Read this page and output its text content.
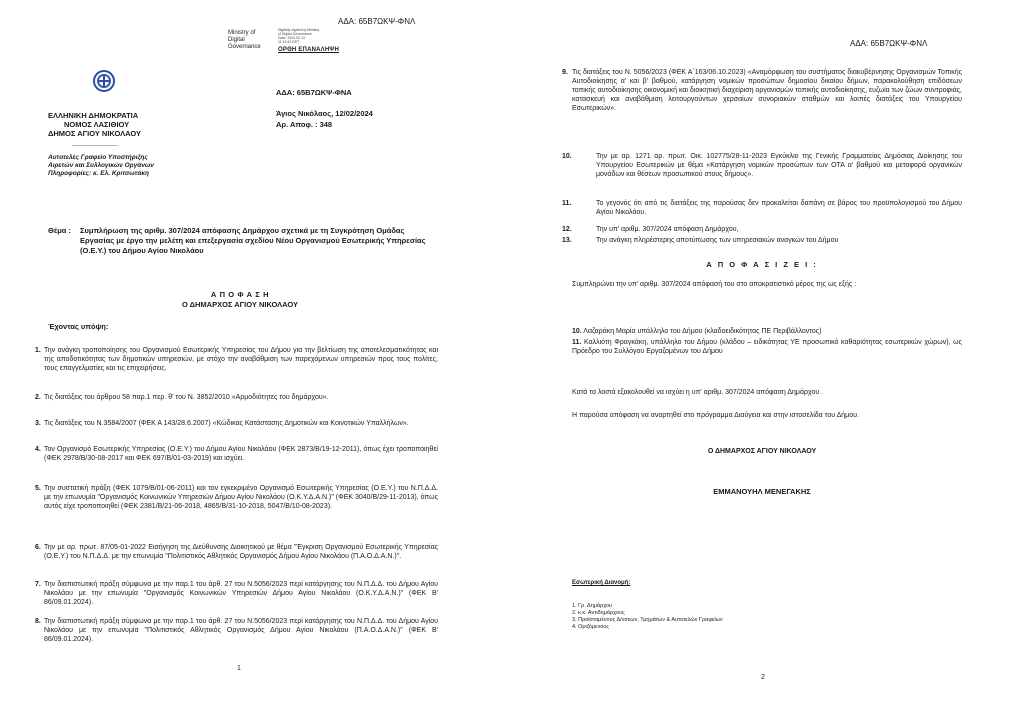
ΑΔΑ: 65Β7ΩΚΨ-ΦΝΛ
Ministry of
Digital
Governance
Digitally signed by Ministry
of Digital Governance
Date: 2024.02.13
11:19:42 EET
ΟΡΘΗ ΕΠΑΝΑΛΗΨΗ
ΕΛΛΗΝΙΚΗ ΔΗΜΟΚΡΑΤΙΑ
ΝΟΜΟΣ ΛΑΣΙΘΙΟΥ
ΔΗΜΟΣ ΑΓΙΟΥ ΝΙΚΟΛΑΟΥ
-----------------------
Αυτοτελές Γραφείο Υποστήριξης
Αιρετών και Συλλογικών Οργάνων
Πληροφορίες: κ. Ελ. Κριτσωτάκη
ΑΔΑ: 65Β7ΩΚΨ-ΦΝΑ
Άγιος Νικόλαος, 12/02/2024
Αρ. Αποφ. : 348
Θέμα : Συμπλήρωση της αριθμ. 307/2024 απόφασης Δημάρχου σχετικά με τη Συγκρότηση Ομάδας Εργασίας με έργο την μελέτη και επεξεργασία σχεδίου Νέου Οργανισμού Εσωτερικής Υπηρεσίας (Ο.Ε.Υ.) του Δήμου Αγίου Νικολάου
Α Π Ο Φ Α Σ Η
Ο ΔΗΜΑΡΧΟΣ ΑΓΙΟΥ ΝΙΚΟΛΑΟΥ
Έχοντας υπόψη:
1. Την ανάγκη τροποποίησης του Οργανισμού Εσωτερικής Υπηρεσίας του Δήμου για την βελτίωση της αποτελεσματικότητας και της αποδοτικότητας των δημοτικών υπηρεσιών, με στόχο την αναβάθμιση των παρεχόμενων υπηρεσιών προς τους πολίτες, τους επαγγελματίες και τις επιχειρήσεις.
2. Τις διατάξεις του άρθρου 58 παρ.1 περ. θ' του Ν. 3852/2010 «Αρμοδιότητες του δημάρχου».
3. Τις διατάξεις του Ν.3584/2007 (ΦΕΚ Α 143/28.6.2007) «Κώδικας Κατάστασης Δημοτικών και Κοινοτικών Υπαλλήλων».
4. Τον Οργανισμό Εσωτερικής Υπηρεσίας (Ο.Ε.Υ.) του Δήμου Αγίου Νικολάου (ΦΕΚ 2873/Β/19-12-2011), όπως έχει τροποποιηθεί (ΦΕΚ 2978/Β/30-08-2017 και ΦΕΚ 697/Β/01-03-2019) και ισχύει.
5. Την συστατική πράξη (ΦΕΚ 1079/Β/01-06-2011) και τον εγκεκριμένο Οργανισμό Εσωτερικής Υπηρεσίας (Ο.Ε.Υ.) του Ν.Π.Δ.Δ. με την επωνυμία "Οργανισμός Κοινωνικών Υπηρεσιών Δήμου Αγίου Νικολάου (Ο.Κ.Υ.Δ.Α.Ν.)" (ΦΕΚ 3040/Β/29-11-2013), όπως αυτός είχε τροποποιηθεί (ΦΕΚ 2381/Β/21-06-2018, 4865/Β/31-10-2018, 5047/Β/10-08-2023).
6. Την με αρ. πρωτ. 87/05-01-2022 Εισήγηση της Διεύθυνσης Διοικητικού με θέμα "Έγκριση Οργανισμού Εσωτερικής Υπηρεσίας (Ο.Ε.Υ.) του Ν.Π.Δ.Δ. με την επωνυμία "Πολιτιστικός Αθλητικός Οργανισμός Δήμου Αγίου Νικολάου (Π.Α.Ο.Δ.Α.Ν.)".
7. Την διαπιστωτική πράξη σύμφωνα με την παρ.1 του άρθ. 27 του Ν.5056/2023 περί κατάργησης του Ν.Π.Δ.Δ. του Δήμου Αγίου Νικολάου με την επωνυμία "Οργανισμός Κοινωνικών Υπηρεσιών Δήμου Αγίου Νικολάου (Ο.Κ.Υ.Δ.Α.Ν.)" (ΦΕΚ Β' 86/09.01.2024).
8. Την διαπιστωτική πράξη σύμφωνα με την παρ.1 του άρθ. 27 του Ν.5056/2023 περί κατάργησης του Ν.Π.Δ.Δ. του Δήμου Αγίου Νικολάου με την επωνυμία "Πολιτιστικός Αθλητικός Οργανισμός Δήμου Αγίου Νικολάου (Π.Α.Ο.Δ.Α.Ν.)" (ΦΕΚ Β' 86/09.01.2024).
1
ΑΔΑ: 65Β7ΩΚΨ-ΦΝΛ
9. Τις διατάξεις του Ν. 5056/2023 (ΦΕΚ Α΄163/06.10.2023) «Αναμόρφωση του συστήματος διακυβέρνησης Οργανισμών Τοπικής Αυτοδιοίκησης α' και β' βαθμού, κατάργηση νομικών προσώπων δημοσίου δικαίου δήμων, παρακολούθηση επιδόσεων τοπικής αυτοδιοίκησης οικονομική και διοικητική διαχείριση οργανισμών τοπικής αυτοδιοίκησης, ευζωία των ζώων συντροφιάς, κατασκευή και αναβάθμιση λειτουργούντων χερσαίων συνοριακών σταθμών και λοιπές διατάξεις του Υπουργείου Εσωτερικών».
10.	Την με αρ. 1271 αρ. πρωτ. Οικ. 102775/28-11-2023 Εγκύκλιο της Γενικής Γραμματείας Δημόσιας Διοίκησης του Υπουργείου Εσωτερικών με θέμα «Κατάργηση νομικών προσώπων των ΟΤΑ α' βαθμού και μεταφορά οργανικών μονάδων και θέσεων προσωπικού στους δήμους».
11.	Το γεγονός ότι από τις διατάξεις της παρούσας δεν προκαλείται δαπάνη σε βάρος του προϋπολογισμού του Δήμου Αγίου Νικολάου.
12.	Την υπ' αριθμ. 307/2024 απόφαση Δημάρχου,
13.	Την ανάγκη πληρέστερης αποτύπωσης των υπηρεσιακών αναγκών του Δήμου
Α Π Ο Φ Α Σ Ι Ζ Ε Ι :
Συμπληρώνει την υπ' αριθμ. 307/2024 απόφασή του στο αποκρατιστικό μέρος της ως εξής :
10. Λαζαράκη Μαρία υπάλληλο του Δήμου (κλαδοειδικότητας ΠΕ Περιβάλλοντος)
11. Καλλιότη Φραγκάκη, υπάλληλο του Δήμου (κλάδου – ειδικότητας ΥΕ προσωπικό καθαριότητας εσωτερικών χώρων), ως Πρόεδρο του Συλλόγου Εργαζομένων του Δήμου
Κατά τα λοιπά εξακολουθεί να ισχύει η υπ' αριθμ. 307/2024 απόφαση Δημάρχου .
Η παρούσα απόφαση να αναρτηθεί στο πρόγραμμα Διαύγεια και στην ιστοσελίδα του Δήμου.
Ο ΔΗΜΑΡΧΟΣ ΑΓΙΟΥ ΝΙΚΟΛΑΟΥ
ΕΜΜΑΝΟΥΗΛ ΜΕΝΕΓΑΚΗΣ
Εσωτερική Διανομή:
1. Γρ. Δημάρχου
2. κ.κ. Αντιδημάρχους
3. Προϊσταμένους Δ/νσεων, Τμημάτων & Αυτοτελών Γραφείων
4. Οριζόμενους
2
